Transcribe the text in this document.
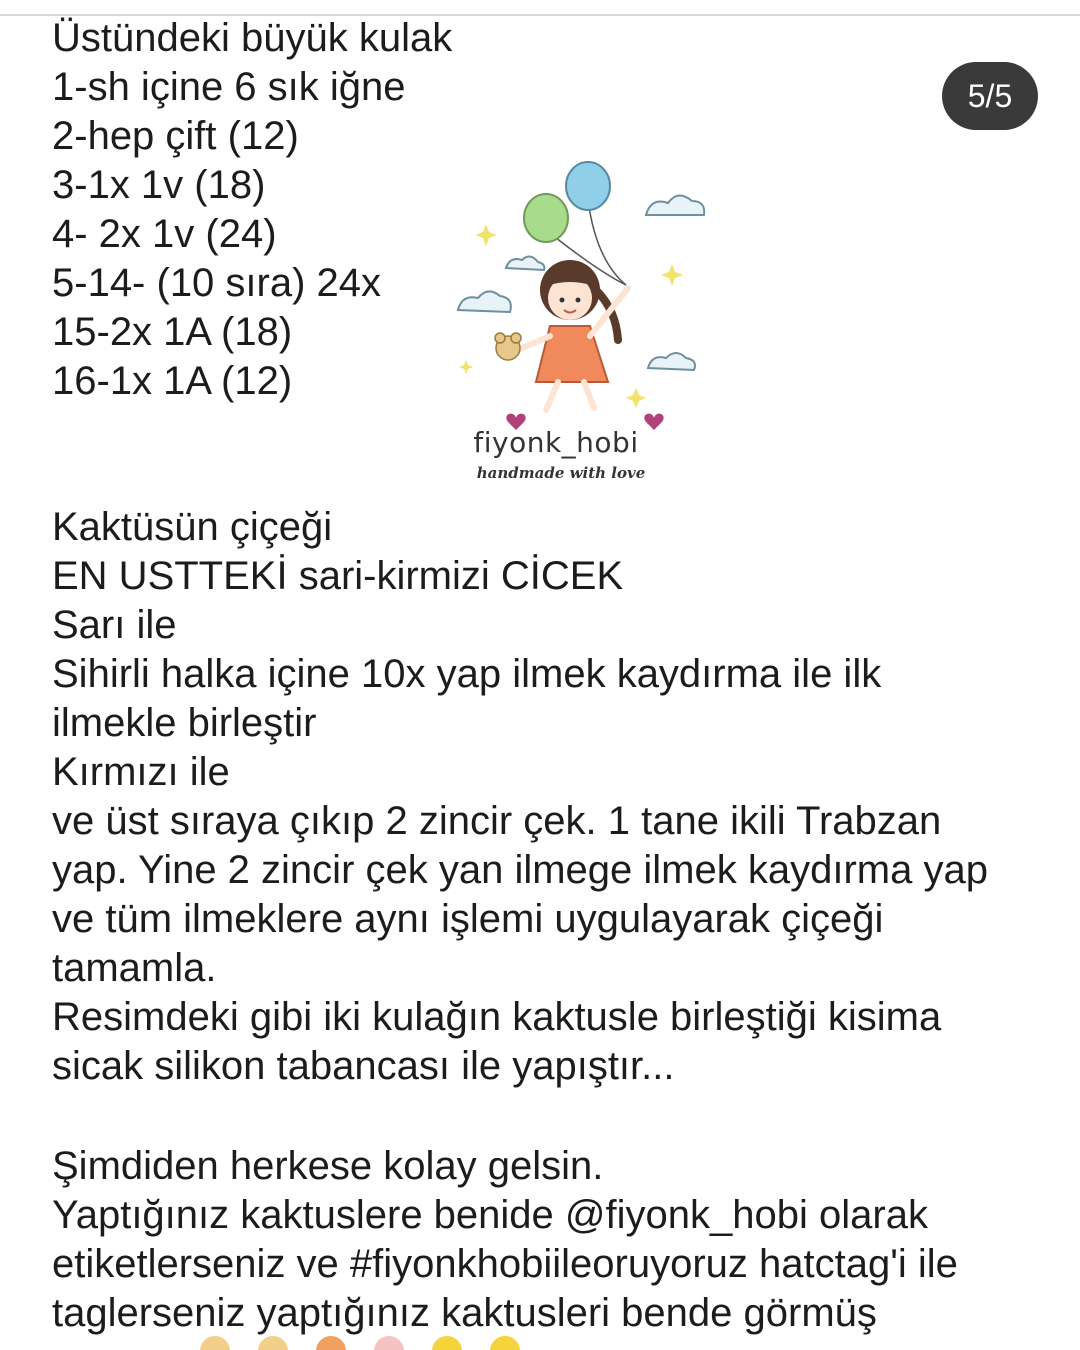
Üstündeki büyük kulak
1-sh içine 6 sık iğne
2-hep çift (12)
3-1x 1v (18)
4- 2x 1v (24)
5-14- (10 sıra) 24x
15-2x 1A (18)
16-1x 1A (12)
5/5
fiyonk_hobi
handmade with love
Kaktüsün çiçeği
EN USTTEKİ sari-kirmizi CİCEK
Sarı ile
Sihirli halka içine 10x yap ilmek kaydırma ile ilk
ilmekle birleştir
Kırmızı ile
ve üst sıraya çıkıp 2 zincir çek. 1 tane ikili Trabzan
yap. Yine 2 zincir çek yan ilmege ilmek kaydırma yap
ve tüm ilmeklere aynı işlemi uygulayarak çiçeği
tamamla.
Resimdeki gibi iki kulağın kaktusle birleştiği kisima
sicak silikon tabancası ile yapıştır...
Şimdiden herkese kolay gelsin.
Yaptığınız kaktuslere benide @fiyonk_hobi olarak
etiketlerseniz ve #fiyonkhobiileoruyoruz hatctag'i ile
taglerseniz yaptığınız kaktusleri bende görmüş
